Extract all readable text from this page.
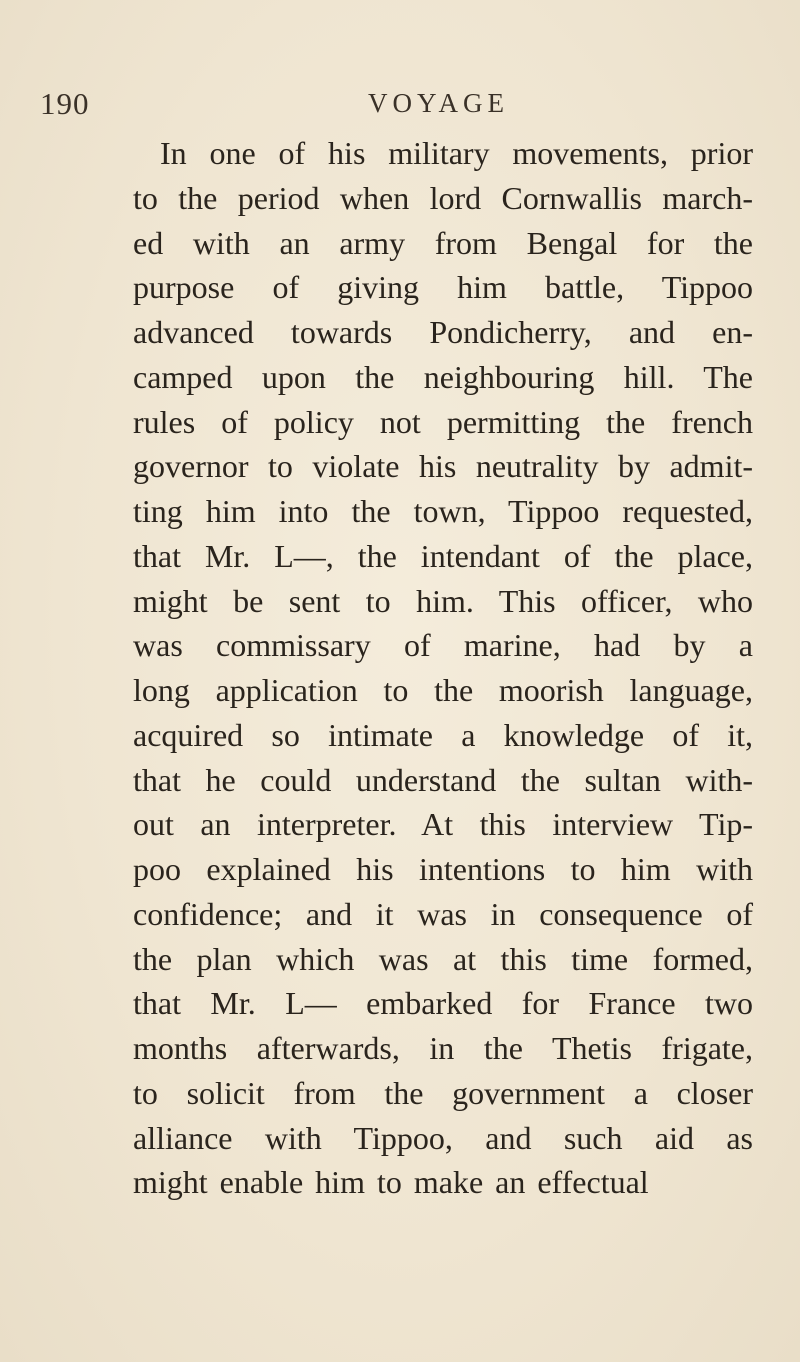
190	VOYAGE
In one of his military movements, prior
to the period when lord Cornwallis march-
ed with an army from Bengal for the
purpose of giving him battle, Tippoo
advanced towards Pondicherry, and en-
camped upon the neighbouring hill. The
rules of policy not permitting the french
governor to violate his neutrality by admit-
ting him into the town, Tippoo requested,
that Mr. L—, the intendant of the place,
might be sent to him. This officer, who
was commissary of marine, had by a
long application to the moorish language,
acquired so intimate a knowledge of it,
that he could understand the sultan with-
out an interpreter. At this interview Tip-
poo explained his intentions to him with
confidence; and it was in consequence of
the plan which was at this time formed,
that Mr. L— embarked for France two
months afterwards, in the Thetis frigate,
to solicit from the government a closer
alliance with Tippoo, and such aid as
might enable him to make an effectual
